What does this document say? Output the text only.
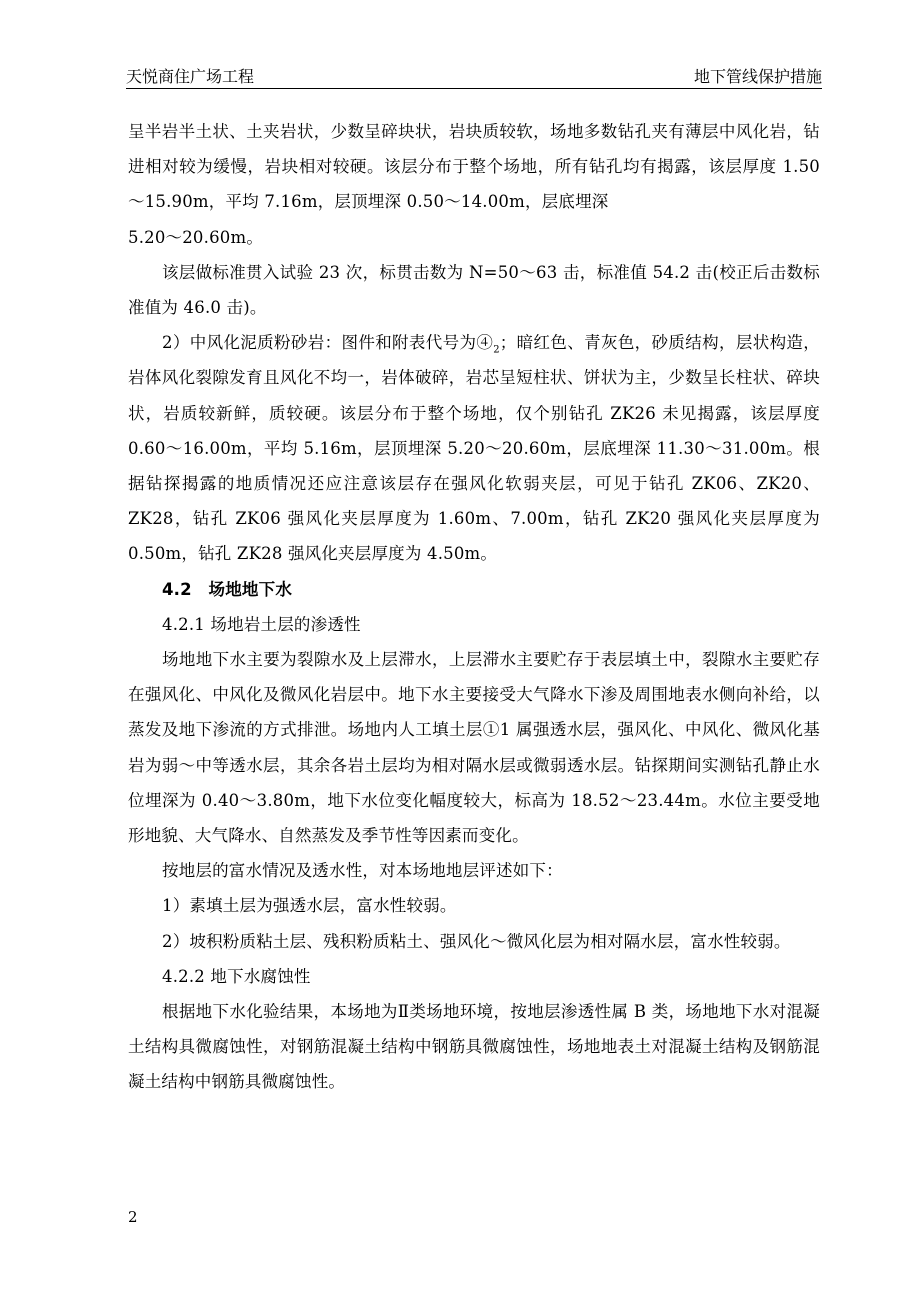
天悦商住广场工程	地下管线保护措施

呈半岩半土状、土夹岩状，少数呈碎块状，岩块质较软，场地多数钻孔夹有薄层中风化岩，钻进相对较为缓慢，岩块相对较硬。该层分布于整个场地，所有钻孔均有揭露，该层厚度 1.50～15.90m，平均 7.16m，层顶埋深 0.50～14.00m，层底埋深

5.20～20.60m。

该层做标准贯入试验 23 次，标贯击数为 N=50～63 击，标准值 54.2 击(校正后击数标准值为 46.0 击)。

2）中风化泥质粉砂岩：图件和附表代号为$④_2$；暗红色、青灰色，砂质结构，层状构造，岩体风化裂隙发育且风化不均一，岩体破碎，岩芯呈短柱状、饼状为主，少数呈长柱状、碎块状，岩质较新鲜，质较硬。该层分布于整个场地，仅个别钻孔 ZK26 未见揭露，该层厚度 0.60～16.00m，平均 5.16m，层顶埋深 5.20～20.60m，层底埋深 11.30～31.00m。根据钻探揭露的地质情况还应注意该层存在强风化软弱夹层，可见于钻孔 ZK06、ZK20、ZK28，钻孔 ZK06 强风化夹层厚度为 1.60m、7.00m，钻孔 ZK20 强风化夹层厚度为 0.50m，钻孔 ZK28 强风化夹层厚度为 4.50m。

4.2　场地地下水

4.2.1 场地岩土层的渗透性

场地地下水主要为裂隙水及上层滞水，上层滞水主要贮存于表层填土中，裂隙水主要贮存在强风化、中风化及微风化岩层中。地下水主要接受大气降水下渗及周围地表水侧向补给，以蒸发及地下渗流的方式排泄。场地内人工填土层①1 属强透水层，强风化、中风化、微风化基岩为弱～中等透水层，其余各岩土层均为相对隔水层或微弱透水层。钻探期间实测钻孔静止水位埋深为 0.40～3.80m，地下水位变化幅度较大，标高为 18.52～23.44m。水位主要受地形地貌、大气降水、自然蒸发及季节性等因素而变化。

按地层的富水情况及透水性，对本场地地层评述如下：

1）素填土层为强透水层，富水性较弱。

2）坡积粉质粘土层、残积粉质粘土、强风化～微风化层为相对隔水层，富水性较弱。

4.2.2 地下水腐蚀性

根据地下水化验结果，本场地为Ⅱ类场地环境，按地层渗透性属 B 类，场地地下水对混凝土结构具微腐蚀性，对钢筋混凝土结构中钢筋具微腐蚀性，场地地表土对混凝土结构及钢筋混凝土结构中钢筋具微腐蚀性。

2
